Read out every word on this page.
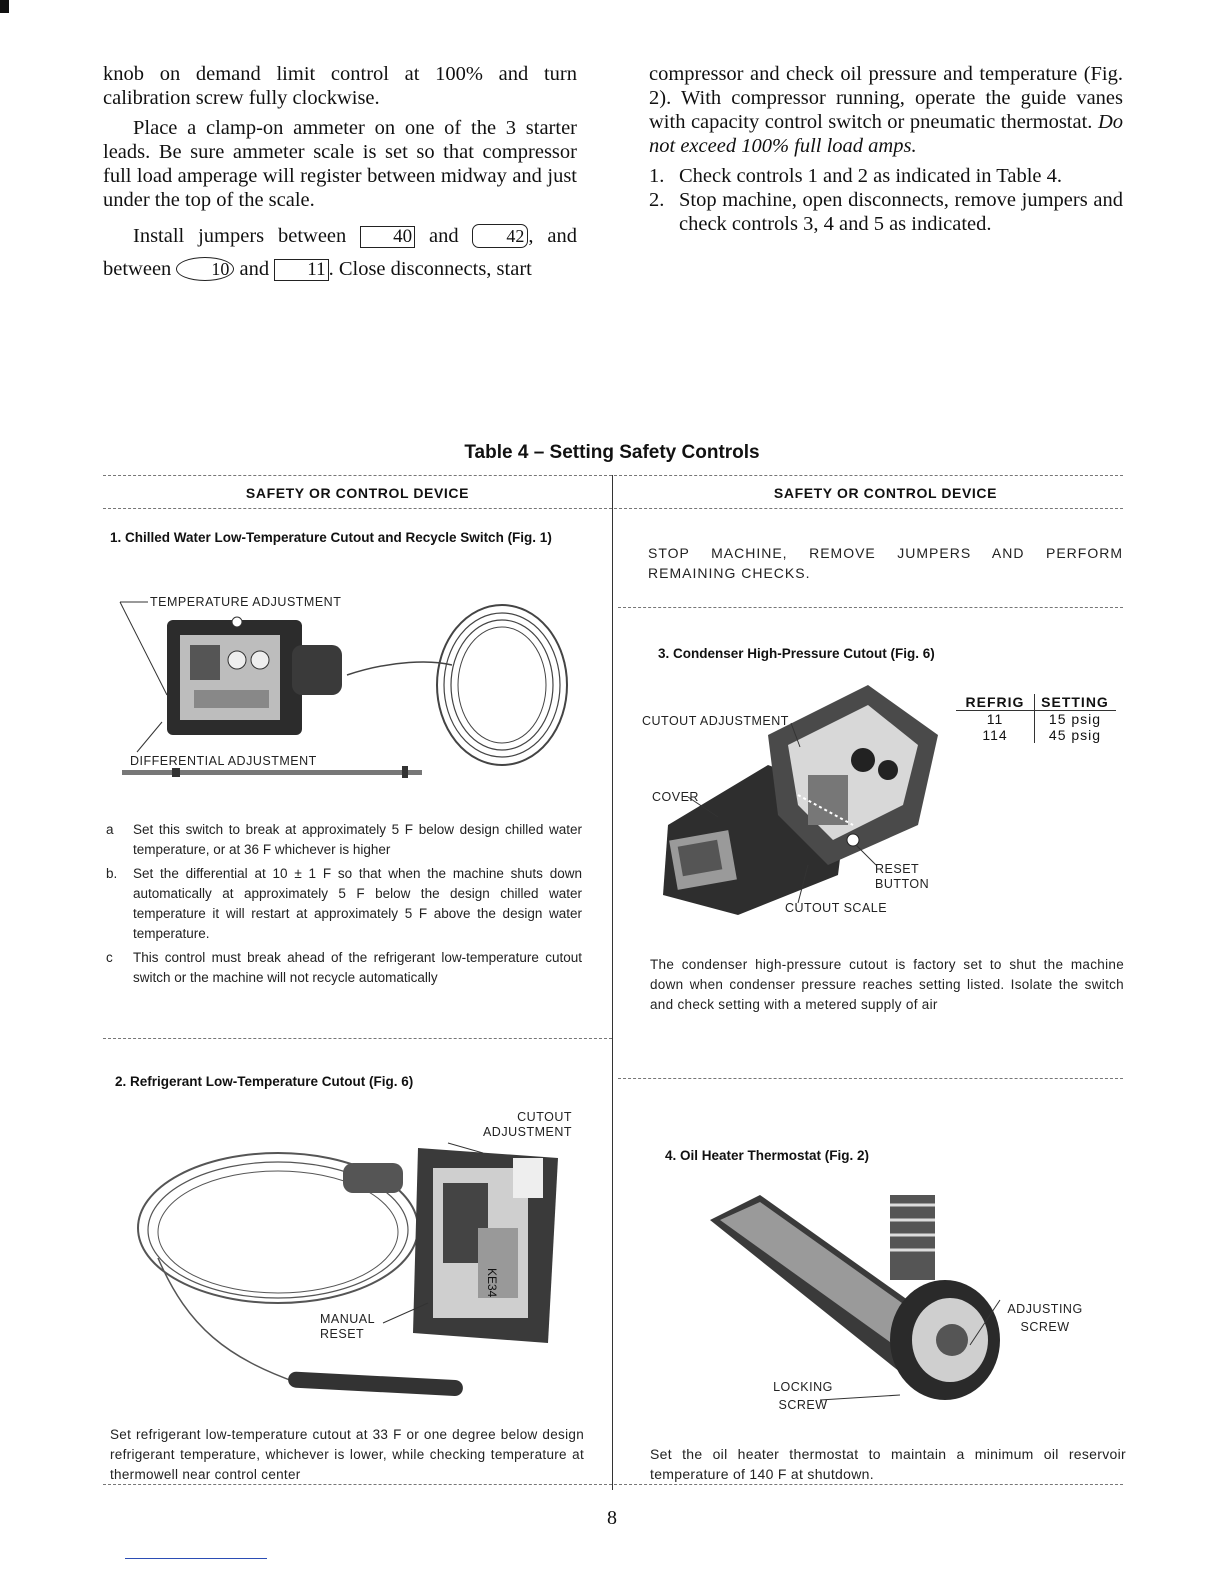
knob on demand limit control at 100% and turn calibration screw fully clockwise.

Place a clamp-on ammeter on one of the 3 starter leads. Be sure ammeter scale is set so that compressor full load amperage will register between midway and just under the top of the scale.

Install jumpers between 40 and	42 , and between 10 and 11 . Close disconnects, start

compressor and check oil pressure and temperature (Fig. 2). With compressor running, operate the guide vanes with capacity control switch or pneumatic thermostat. Do not exceed 100% full load amps.

1. Check controls 1 and 2 as indicated in Table 4.
2. Stop machine, open disconnects, remove jumpers and check controls 3, 4 and 5 as indicated.
Table 4 – Setting Safety Controls
SAFETY OR CONTROL DEVICE	SAFETY OR CONTROL DEVICE
1. Chilled Water Low-Temperature Cutout and Recycle Switch (Fig. 1)
TEMPERATURE ADJUSTMENT
DIFFERENTIAL ADJUSTMENT
a	Set this switch to break at approximately 5 F below design chilled water temperature, or at 36 F whichever is higher
b.	Set the differential at 10 ± 1 F so that when the machine shuts down automatically at approximately 5 F below the design chilled water temperature it will restart at approximately 5 F above the design water temperature.
c	This control must break ahead of the refrigerant low-temperature cutout switch or the machine will not recycle automatically
STOP MACHINE, REMOVE JUMPERS AND PERFORM REMAINING CHECKS.
3. Condenser High-Pressure Cutout (Fig. 6)
CUTOUT ADJUSTMENT
COVER
RESET BUTTON
CUTOUT SCALE
REFRIG	SETTING
11	15 psig
114	45 psig
The condenser high-pressure cutout is factory set to shut the machine down when condenser pressure reaches setting listed. Isolate the switch and check setting with a metered supply of air
2. Refrigerant Low-Temperature Cutout (Fig. 6)
KE34
CUTOUT ADJUSTMENT
MANUAL RESET
Set refrigerant low-temperature cutout at 33 F or one degree below design refrigerant temperature, whichever is lower, while checking temperature at thermowell near control center
4. Oil Heater Thermostat (Fig. 2)
ADJUSTING SCREW
LOCKING SCREW
Set the oil heater thermostat to maintain a minimum oil reservoir temperature of 140 F at shutdown.
8
